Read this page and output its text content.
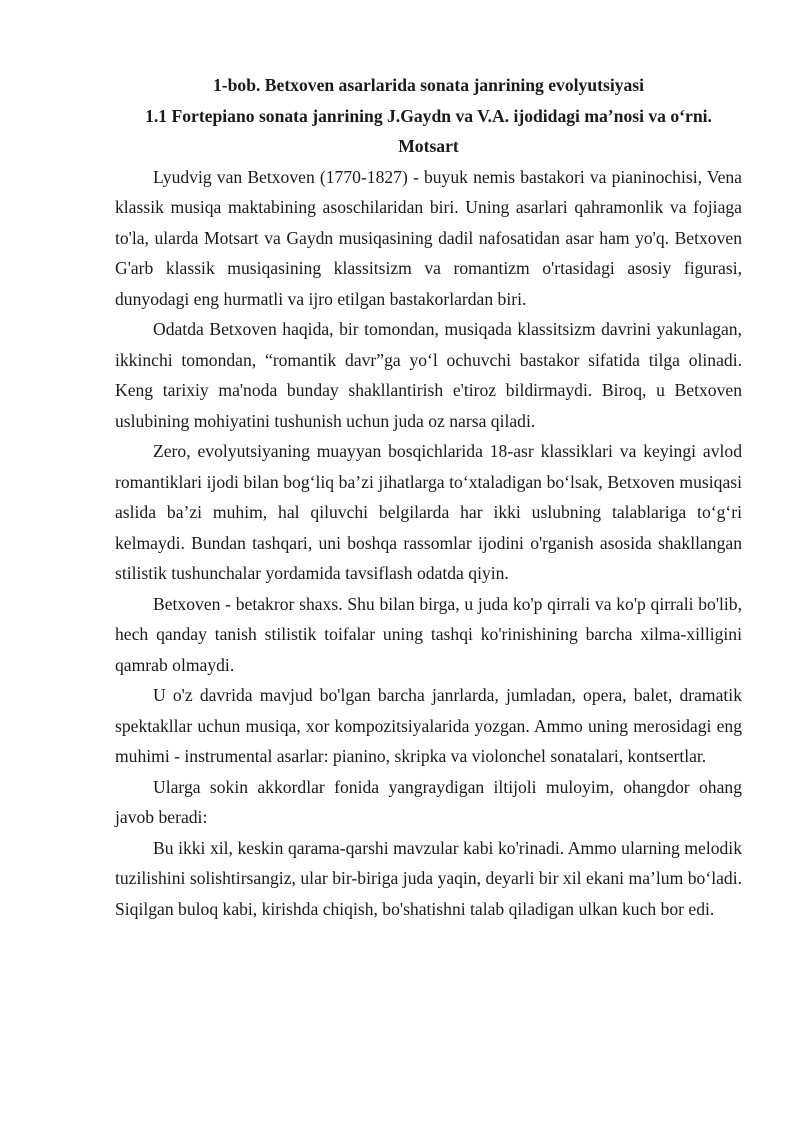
1-bob. Betxoven asarlarida sonata janrining evolyutsiyasi
1.1 Fortepiano sonata janrining J.Gaydn va V.A. ijodidagi ma’nosi va o‘rni. Motsart

Lyudvig van Betxoven (1770-1827) - buyuk nemis bastakori va pianinochisi, Vena klassik musiqa maktabining asoschilaridan biri. Uning asarlari qahramonlik va fojiaga to'la, ularda Motsart va Gaydn musiqasining dadil nafosatidan asar ham yo'q. Betxoven G'arb klassik musiqasining klassitsizm va romantizm o'rtasidagi asosiy figurasi, dunyodagi eng hurmatli va ijro etilgan bastakorlardan biri.

Odatda Betxoven haqida, bir tomondan, musiqada klassitsizm davrini yakunlagan, ikkinchi tomondan, “romantik davr”ga yo‘l ochuvchi bastakor sifatida tilga olinadi. Keng tarixiy ma'noda bunday shakllantirish e'tiroz bildirmaydi. Biroq, u Betxoven uslubining mohiyatini tushunish uchun juda oz narsa qiladi.

Zero, evolyutsiyaning muayyan bosqichlarida 18-asr klassiklari va keyingi avlod romantiklari ijodi bilan bog‘liq ba’zi jihatlarga to‘xtaladigan bo‘lsak, Betxoven musiqasi aslida ba’zi muhim, hal qiluvchi belgilarda har ikki uslubning talablariga to‘g‘ri kelmaydi. Bundan tashqari, uni boshqa rassomlar ijodini o'rganish asosida shakllangan stilistik tushunchalar yordamida tavsiflash odatda qiyin.

Betxoven - betakror shaxs. Shu bilan birga, u juda ko'p qirrali va ko'p qirrali bo'lib, hech qanday tanish stilistik toifalar uning tashqi ko'rinishining barcha xilma-xilligini qamrab olmaydi.

U o'z davrida mavjud bo'lgan barcha janrlarda, jumladan, opera, balet, dramatik spektakllar uchun musiqa, xor kompozitsiyalarida yozgan. Ammo uning merosidagi eng muhimi - instrumental asarlar: pianino, skripka va violonchel sonatalari, kontsertlar.

Ularga sokin akkordlar fonida yangraydigan iltijoli muloyim, ohangdor ohang javob beradi:

Bu ikki xil, keskin qarama-qarshi mavzular kabi ko'rinadi. Ammo ularning melodik tuzilishini solishtirsangiz, ular bir-biriga juda yaqin, deyarli bir xil ekani ma’lum bo‘ladi. Siqilgan buloq kabi, kirishda chiqish, bo'shatishni talab qiladigan ulkan kuch bor edi.
